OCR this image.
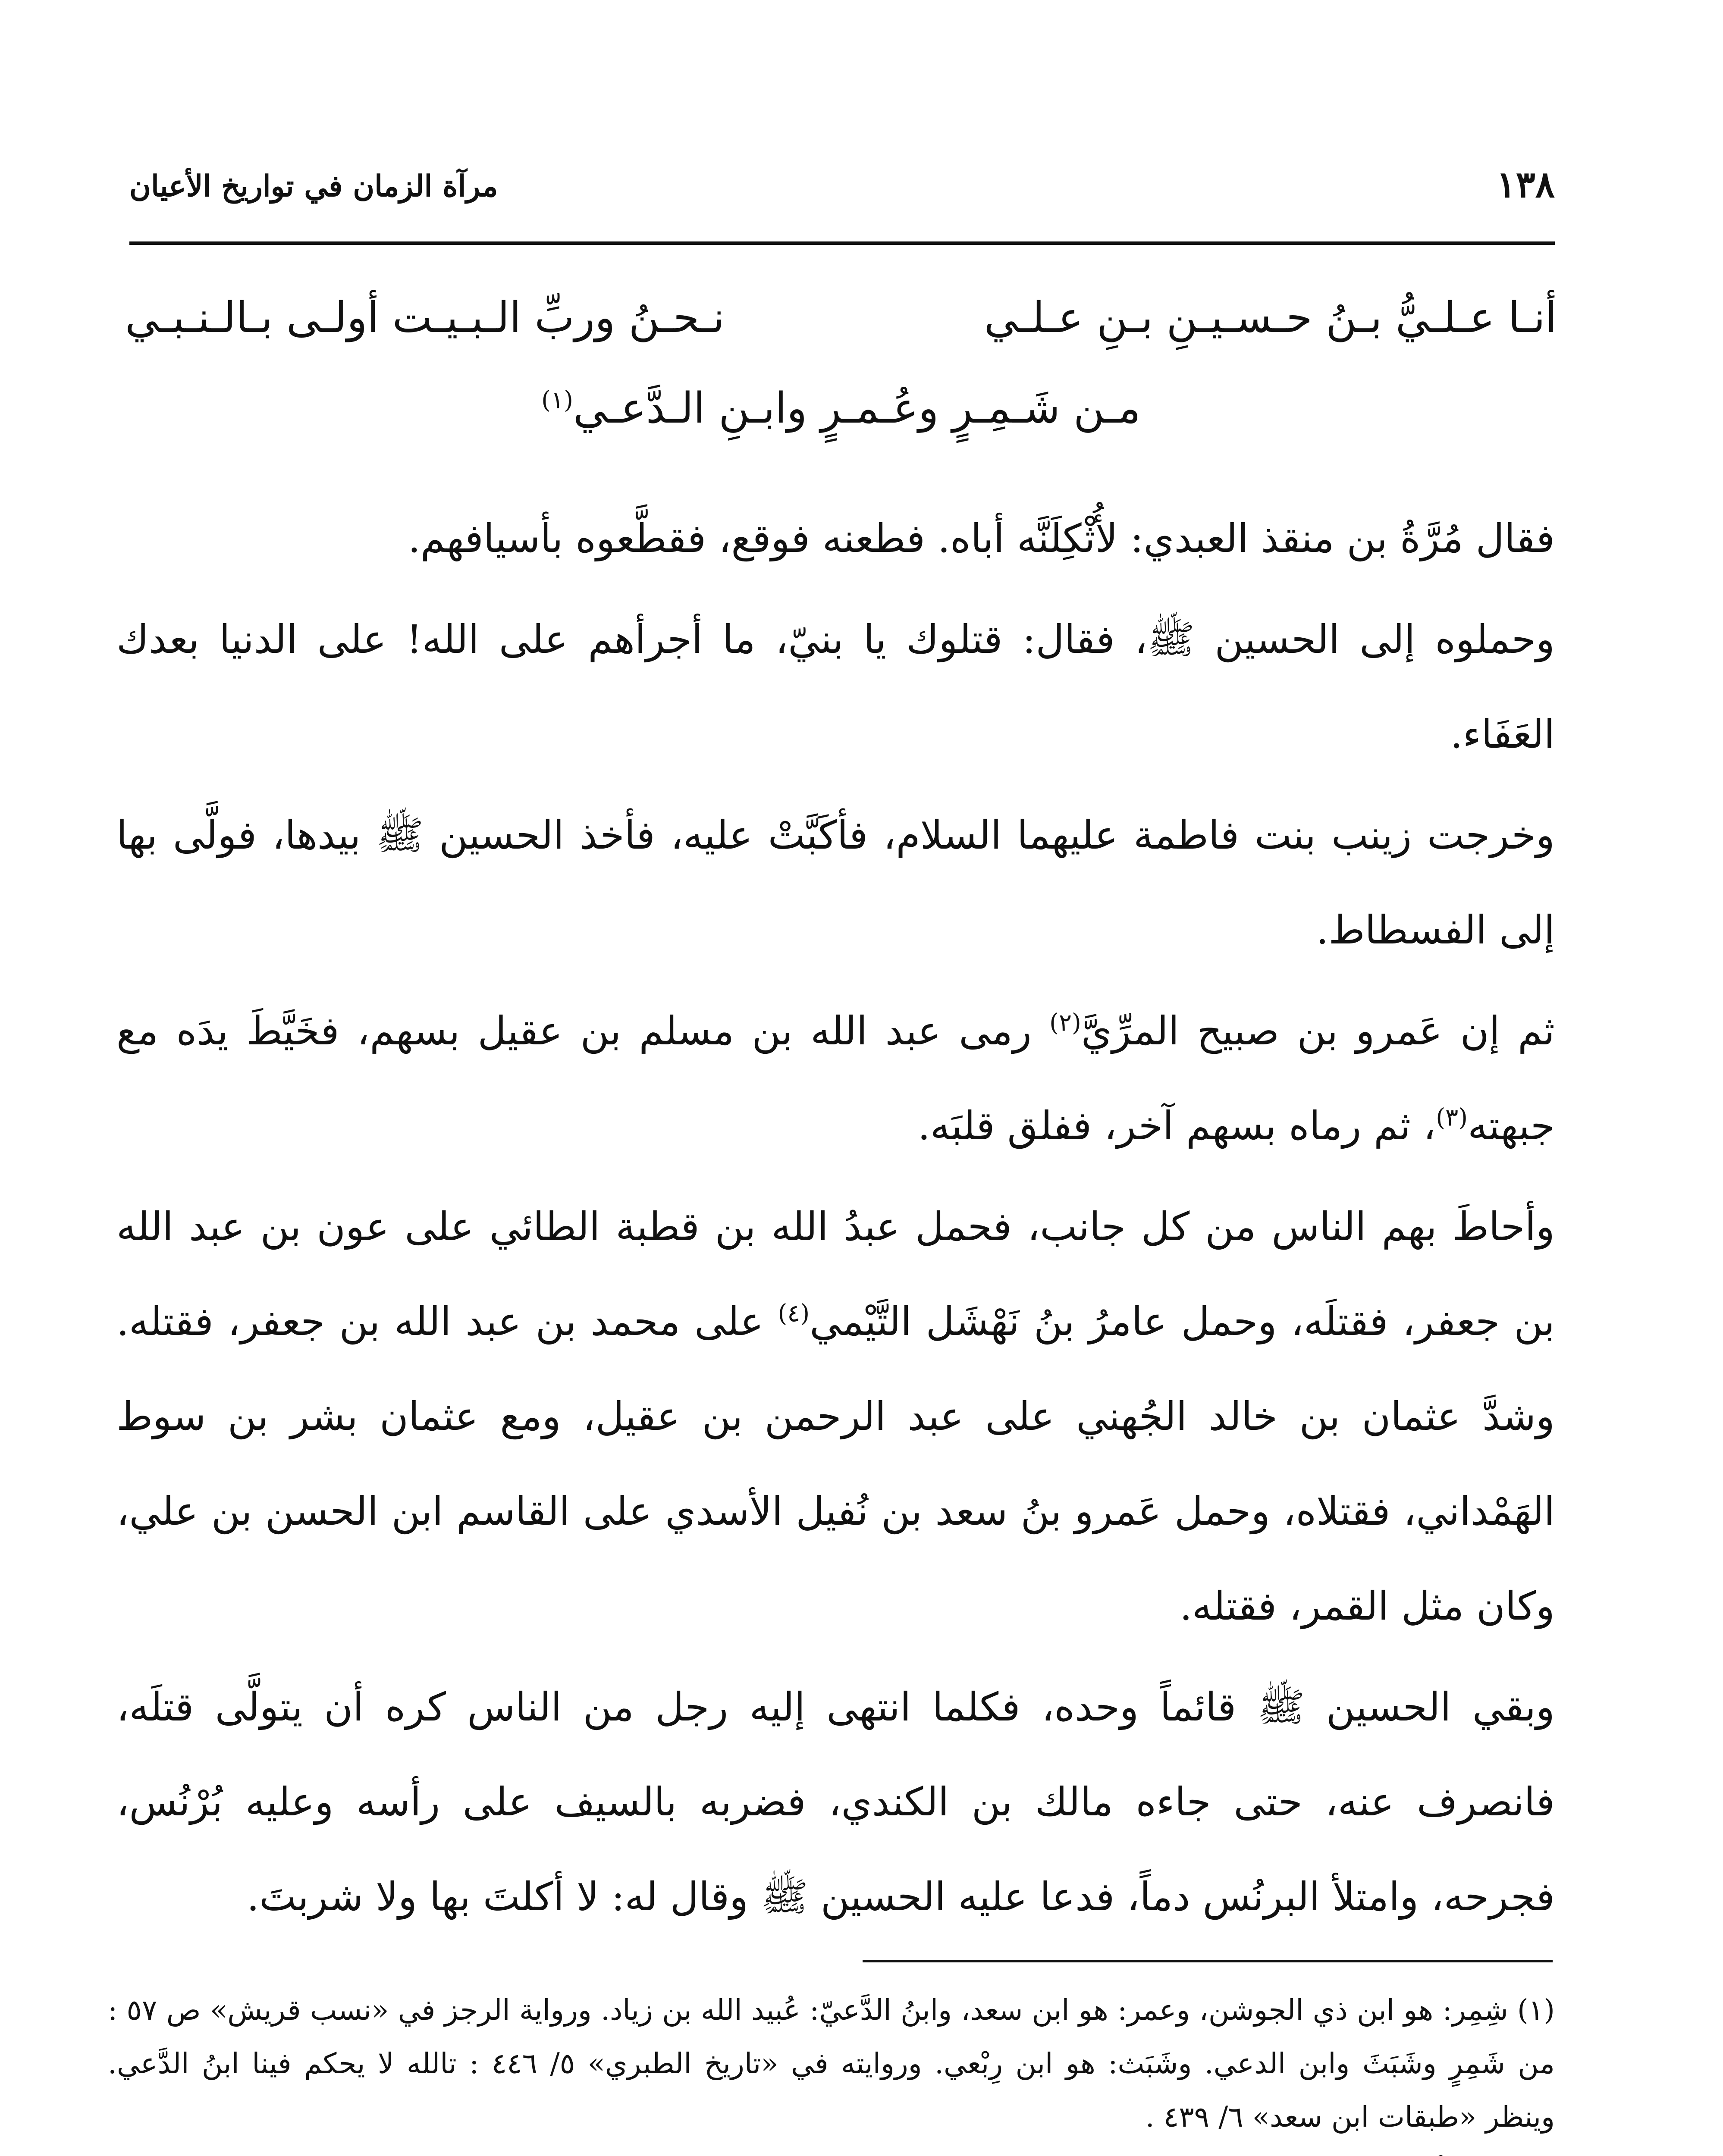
١٣٨
مرآة الزمان في تواريخ الأعيان
أنـا عـلـيُّ بـنُ حـسـيـنِ بـنِ عـلـي
نـحـنُ وربِّ الـبـيـت أولـى بـالـنـبـي
مـن شَـمِـرٍ وعُـمـرٍ وابـنِ الـدَّعـي$^{(١)}$

فقال مُرَّةُ بن منقذ العبدي: لأُثْكِلَنَّه أباه. فطعنه فوقع، فقطَّعوه بأسيافهم.

وحملوه إلى الحسين ﷺ، فقال: قتلوك يا بنيّ، ما أجرأهم على الله! على الدنيا بعدك العَفَاء.

وخرجت زينب بنت فاطمة عليهما السلام، فأكَبَّتْ عليه، فأخذ الحسين ﷺ بيدها، فولَّى بها إلى الفسطاط.

ثم إن عَمرو بن صبيح المرِّيَّ$^{(٢)}$ رمى عبد الله بن مسلم بن عقيل بسهم، فخَيَّطَ يدَه مع جبهته$^{(٣)}$، ثم رماه بسهم آخر، ففلق قلبَه.

وأحاطَ بهم الناس من كل جانب، فحمل عبدُ الله بن قطبة الطائي على عون بن عبد الله بن جعفر، فقتلَه، وحمل عامرُ بنُ نَهْشَل التَّيْمي$^{(٤)}$ على محمد بن عبد الله بن جعفر، فقتله. وشدَّ عثمان بن خالد الجُهني على عبد الرحمن بن عقيل، ومع عثمان بشر بن سوط الهَمْداني، فقتلاه، وحمل عَمرو بنُ سعد بن نُفيل الأسدي على القاسم ابن الحسن بن علي، وكان مثل القمر، فقتله.

وبقي الحسين ﷺ قائماً وحده، فكلما انتهى إليه رجل من الناس كره أن يتولَّى قتلَه، فانصرف عنه، حتى جاءه مالك بن الكندي، فضربه بالسيف على رأسه وعليه بُرْنُس، فجرحه، وامتلأ البرنُس دماً، فدعا عليه الحسين ﷺ وقال له: لا أكلتَ بها ولا شربتَ.

(١) شِمِر: هو ابن ذي الجوشن، وعمر: هو ابن سعد، وابنُ الدَّعيّ: عُبيد الله بن زياد. ورواية الرجز في «نسب قريش» ص ٥٧ : من شَمِرٍ وشَبَثَ وابن الدعي. وشَبَث: هو ابن رِبْعي. وروايته في «تاريخ الطبري» ٥/ ٤٤٦ : تالله لا يحكم فينا ابنُ الدَّعي. وينظر «طبقات ابن سعد» ٦/ ٤٣٩ .
